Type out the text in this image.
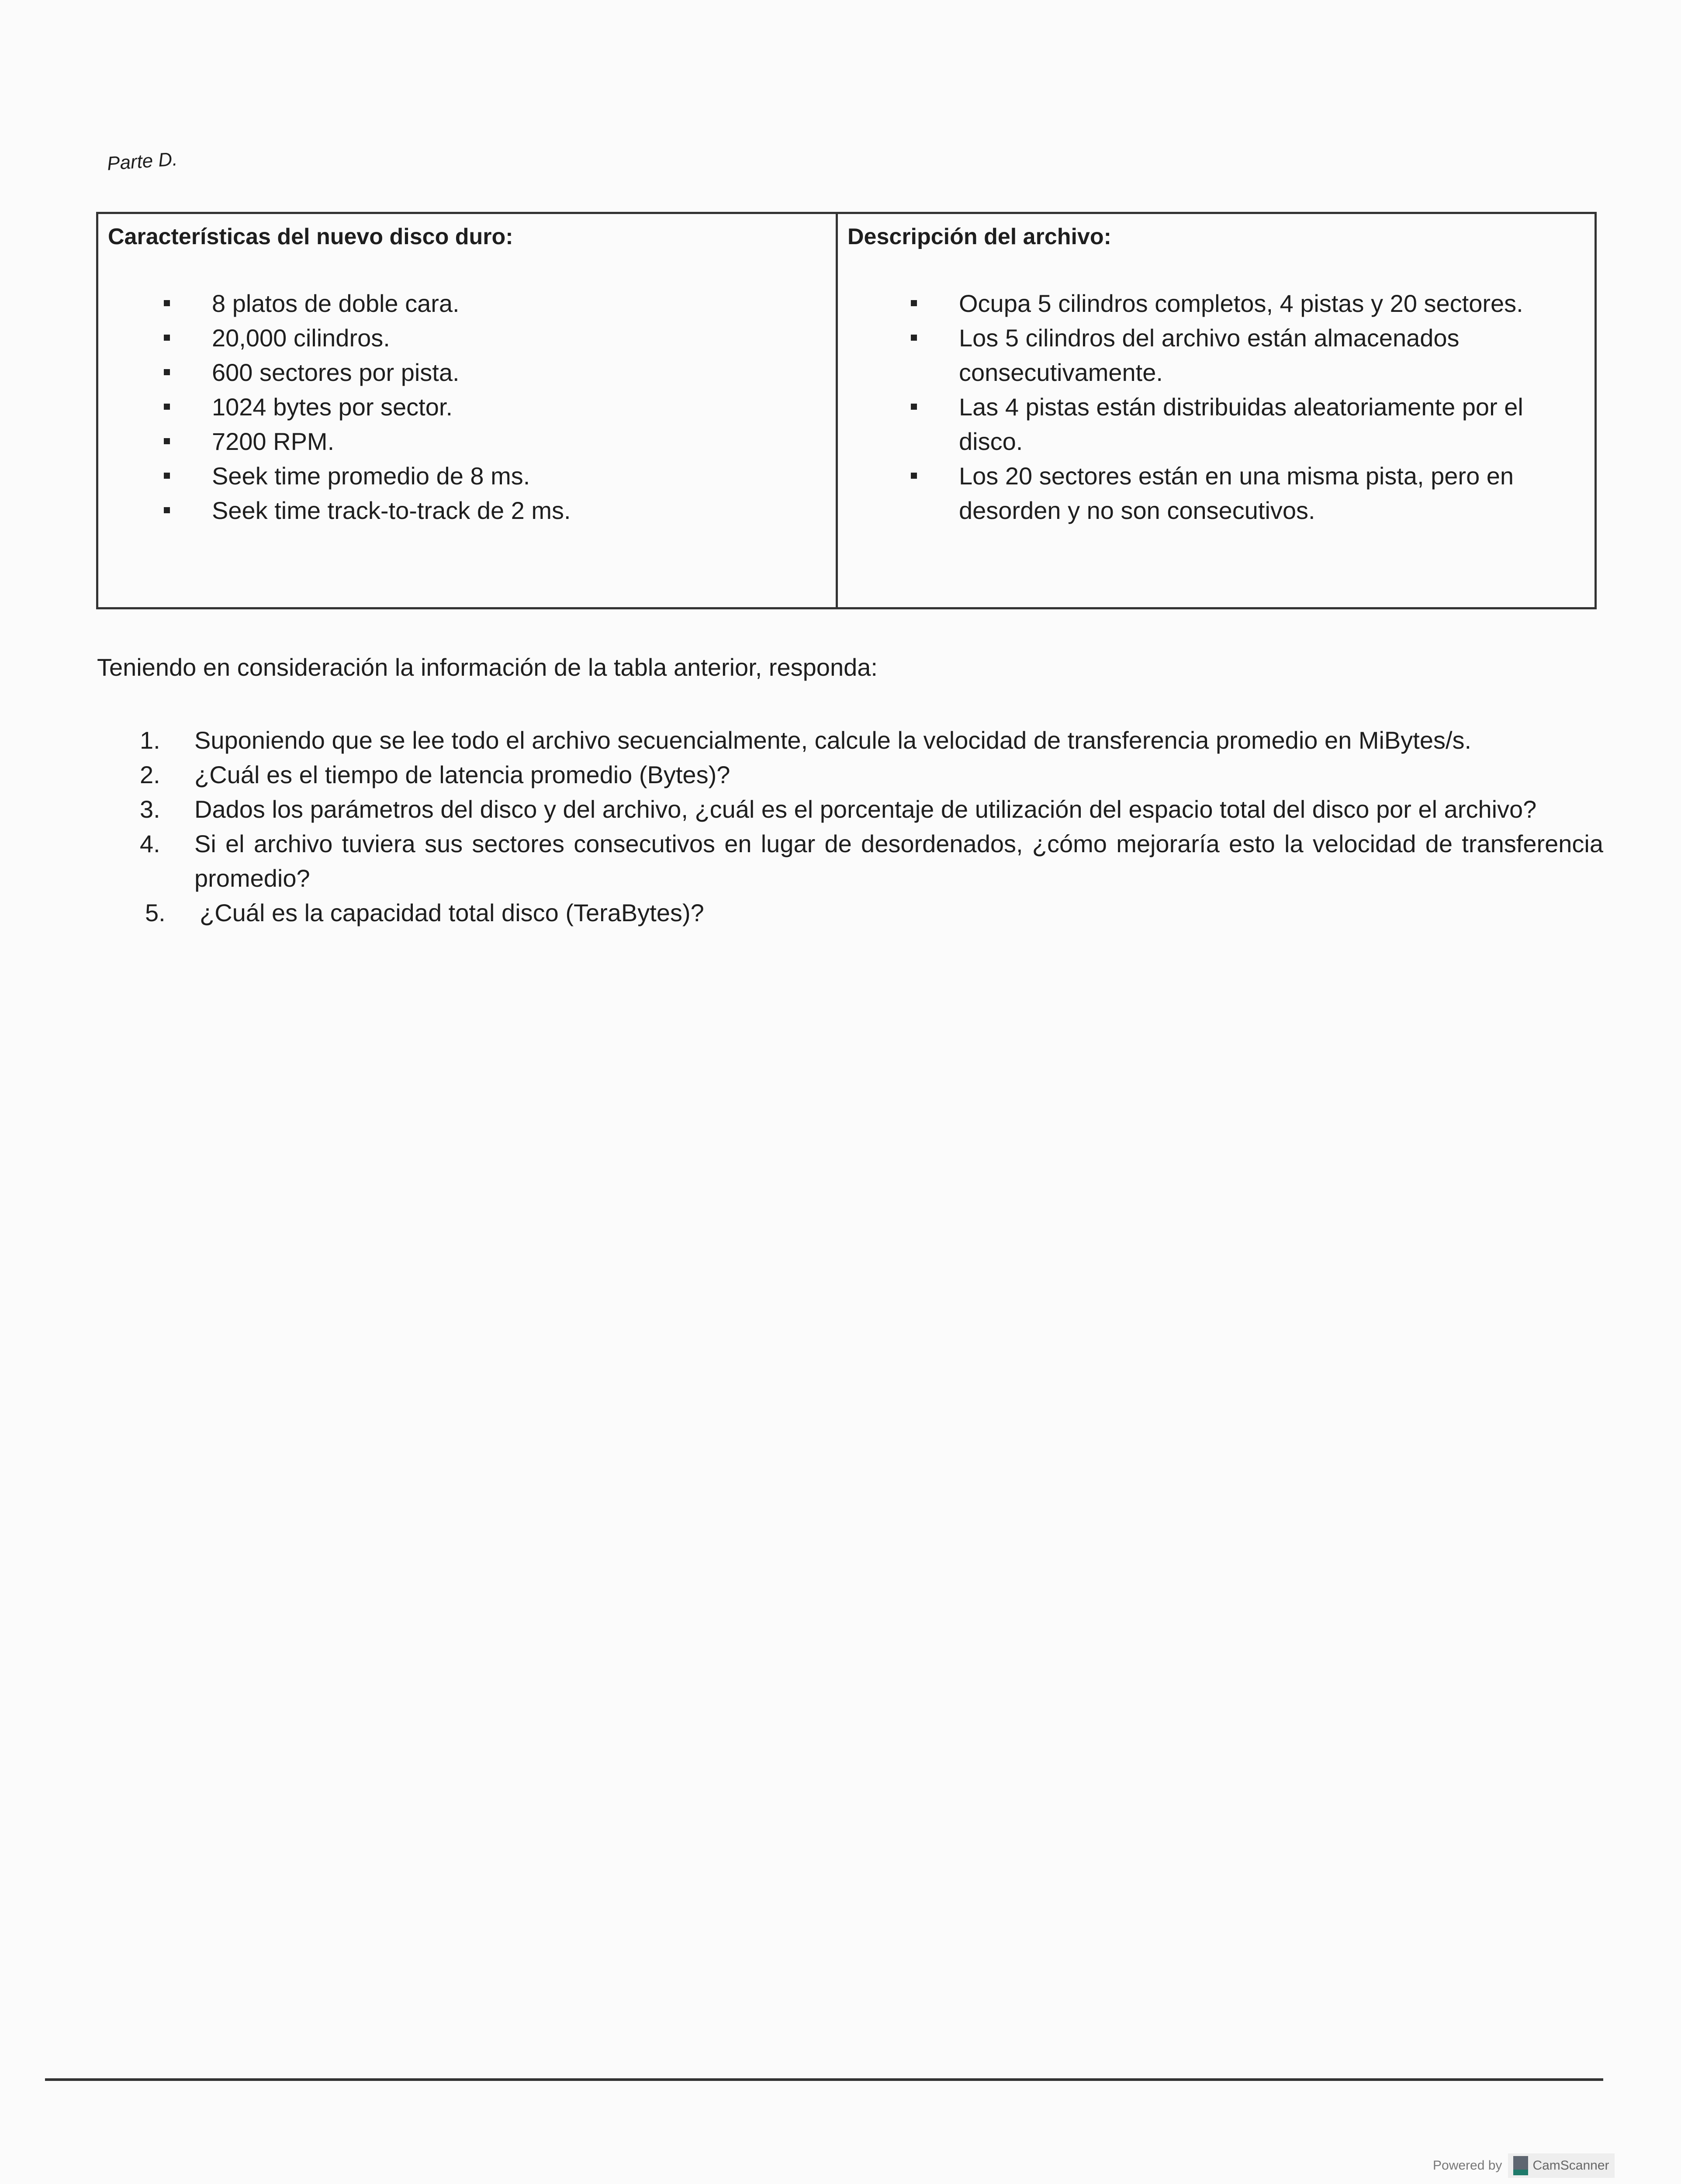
Parte D.
Características del nuevo disco duro:
8 platos de doble cara.
20,000 cilindros.
600 sectores por pista.
1024 bytes por sector.
7200 RPM.
Seek time promedio de 8 ms.
Seek time track-to-track de 2 ms.
Descripción del archivo:
Ocupa 5 cilindros completos, 4 pistas y 20 sectores.
Los 5 cilindros del archivo están almacenados consecutivamente.
Las 4 pistas están distribuidas aleatoriamente por el disco.
Los 20 sectores están en una misma pista, pero en desorden y no son consecutivos.
Teniendo en consideración la información de la tabla anterior, responda:
1. Suponiendo que se lee todo el archivo secuencialmente, calcule la velocidad de transferencia promedio en MiBytes/s.
2. ¿Cuál es el tiempo de latencia promedio (Bytes)?
3. Dados los parámetros del disco y del archivo, ¿cuál es el porcentaje de utilización del espacio total del disco por el archivo?
4. Si el archivo tuviera sus sectores consecutivos en lugar de desordenados, ¿cómo mejoraría esto la velocidad de transferencia promedio?
5. ¿Cuál es la capacidad total disco (TeraBytes)?
Powered by CamScanner
